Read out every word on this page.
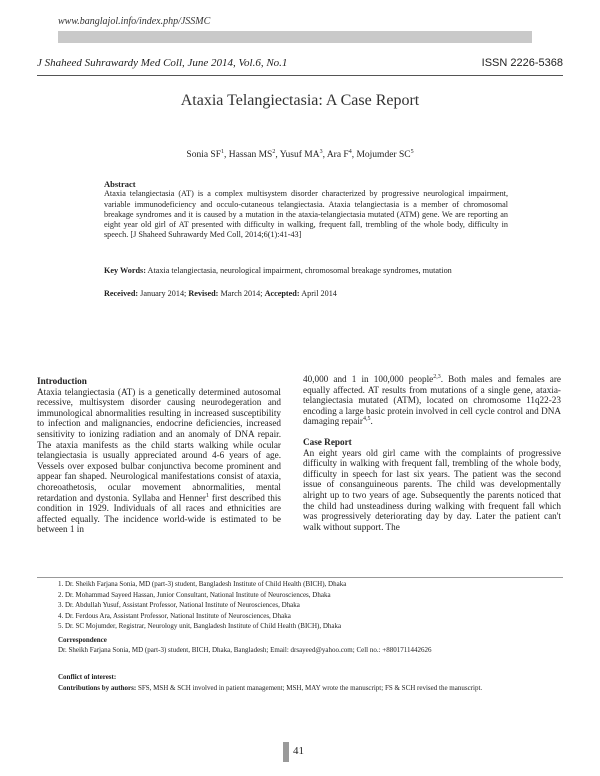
www.banglajol.info/index.php/JSSMC
J Shaheed Suhrawardy Med Coll, June 2014, Vol.6, No.1	ISSN 2226-5368
Ataxia Telangiectasia: A Case Report
Sonia $SF^1$, Hassan $MS^2$, Yusuf $MA^3$, Ara $F^4$, Mojumder $SC^5$
Abstract
Ataxia telangiectasia (AT) is a complex multisystem disorder characterized by progressive neurological impairment, variable immunodeficiency and occulo-cutaneous telangiectasia. Ataxia telangiectasia is a member of chromosomal breakage syndromes and it is caused by a mutation in the ataxia-telangiectasia mutated (ATM) gene. We are reporting an eight year old girl of AT presented with difficulty in walking, frequent fall, trembling of the whole body, difficulty in speech. [J Shaheed Suhrawardy Med Coll, 2014;6(1):41-43]
Key Words: Ataxia telangiectasia, neurological impairment, chromosomal breakage syndromes, mutation
Received: January 2014; Revised: March 2014; Accepted: April 2014
Introduction
Ataxia telangiectasia (AT) is a genetically determined autosomal recessive, multisystem disorder causing neurodegeration and immunological abnormalities resulting in increased susceptibility to infection and malignancies, endocrine deficiencies, increased sensitivity to ionizing radiation and an anomaly of DNA repair. The ataxia manifests as the child starts walking while ocular telangiectasia is usually appreciated around 4-6 years of age. Vessels over exposed bulbar conjunctiva become prominent and appear fan shaped. Neurological manifestations consist of ataxia, choreoathetosis, ocular movement abnormalities, mental retardation and dystonia. Syllaba and Henner$^1$ first described this condition in 1929. Individuals of all races and ethnicities are affected equally. The incidence world-wide is estimated to be between 1 in
40,000 and 1 in 100,000 people$^{2,3}$. Both males and females are equally affected. AT results from mutations of a single gene, ataxia-telangiectasia mutated (ATM), located on chromosome 11q22-23 encoding a large basic protein involved in cell cycle control and DNA damaging repair$^{4,5}$.
Case Report
An eight years old girl came with the complaints of progressive difficulty in walking with frequent fall, trembling of the whole body, difficulty in speech for last six years. The patient was the second issue of consanguineous parents. The child was developmentally alright up to two years of age. Subsequently the parents noticed that the child had unsteadiness during walking with frequent fall which was progressively deteriorating day by day. Later the patient can't walk without support. The
1. Dr. Sheikh Farjana Sonia, MD (part-3) student, Bangladesh Institute of Child Health (BICH), Dhaka
2. Dr. Mohammad Sayeed Hassan, Junior Consultant, National Institute of Neurosciences, Dhaka
3. Dr. Abdullah Yusuf, Assistant Professor, National Institute of Neurosciences, Dhaka
4. Dr. Ferdous Ara, Assistant Professor, National Institute of Neurosciences, Dhaka
5. Dr. SC Mojumder, Registrar, Neurology unit, Bangladesh Institute of Child Health (BICH), Dhaka
Correspondence
Dr. Sheikh Farjana Sonia, MD (part-3) student, BICH, Dhaka, Bangladesh; Email: drsayeed@yahoo.com; Cell no.: +8801711442626
Conflict of interest:
Contributions by authors: SFS, MSH & SCH involved in patient management; MSH, MAY wrote the manuscript; FS & SCH revised the manuscript.
41
